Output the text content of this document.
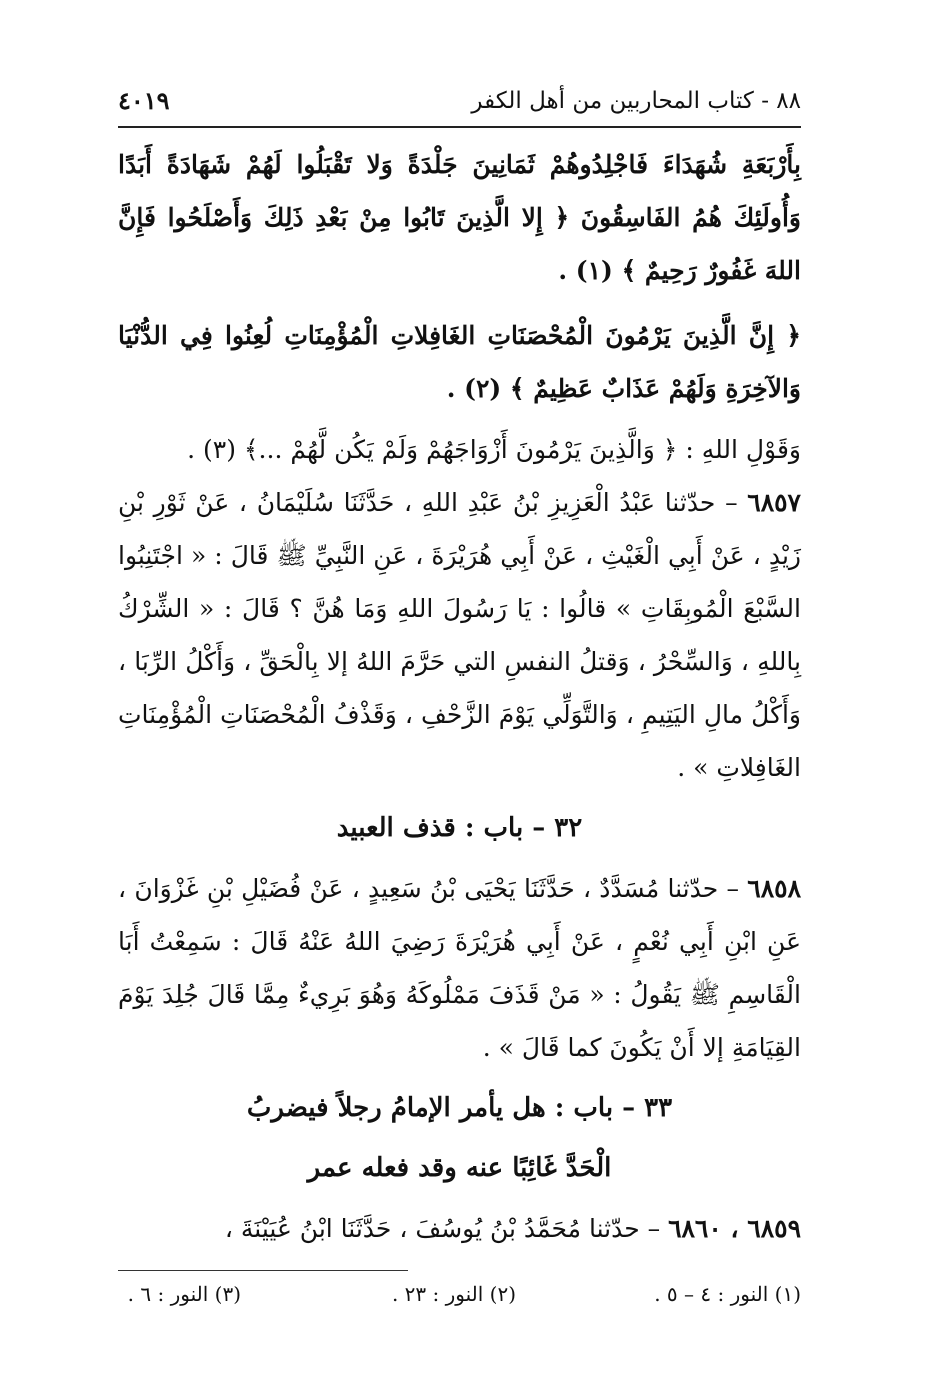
٨٨ - كتاب المحاربين من أهل الكفر
٤٠١٩

بِأَرْبَعَةِ شُهَدَاءَ فَاجْلِدُوهُمْ ثَمَانِينَ جَلْدَةً وَلا تَقْبَلُوا لَهُمْ شَهَادَةً أَبَدًا وَأُولَئِكَ هُمُ الفَاسِقُونَ ﴿ إِلا الَّذِينَ تَابُوا مِنْ بَعْدِ ذَلِكَ وَأَصْلَحُوا فَإِنَّ اللهَ غَفُورٌ رَحِيمٌ ﴾ (١) .

﴿ إِنَّ الَّذِينَ يَرْمُونَ الْمُحْصَنَاتِ الغَافِلاتِ الْمُؤْمِنَاتِ لُعِنُوا فِي الدُّنْيَا وَالآخِرَةِ وَلَهُمْ عَذَابٌ عَظِيمٌ ﴾ (٢) .

وَقَوْلِ اللهِ : ﴿ وَالَّذِينَ يَرْمُونَ أَزْوَاجَهُمْ وَلَمْ يَكُن لَّهُمْ ...﴾ (٣) .

٦٨٥٧ – حدّثنا عَبْدُ الْعَزِيزِ بْنُ عَبْدِ اللهِ ، حَدَّثَنَا سُلَيْمَانُ ، عَنْ ثَوْرِ بْنِ زَيْدٍ ، عَنْ أَبِي الْغَيْثِ ، عَنْ أَبِي هُرَيْرَةَ ، عَنِ النَّبِيِّ ﷺ قَالَ : « اجْتَنِبُوا السَّبْعَ الْمُوبِقَاتِ » قالُوا : يَا رَسُولَ اللهِ وَمَا هُنَّ ؟ قَالَ : « الشِّرْكُ بِاللهِ ، وَالسِّحْرُ ، وَقتلُ النفسِ التي حَرَّمَ اللهُ إلا بِالْحَقِّ ، وَأَكْلُ الرِّبَا ، وَأَكْلُ مالِ اليَتِيمِ ، وَالتَّوَلِّي يَوْمَ الزَّحْفِ ، وَقَذْفُ الْمُحْصَنَاتِ الْمُؤْمِنَاتِ الغَافِلاتِ » .

٣٢ – باب : قذف العبيد

٦٨٥٨ – حدّثنا مُسَدَّدٌ ، حَدَّثَنَا يَحْيَى بْنُ سَعِيدٍ ، عَنْ فُضَيْلِ بْنِ غَزْوَانَ ، عَنِ ابْنِ أَبِي نُعْمٍ ، عَنْ أَبِي هُرَيْرَةَ رَضِيَ اللهُ عَنْهُ قَالَ : سَمِعْتُ أَبَا الْقَاسِمِ ﷺ يَقُولُ : « مَنْ قَذَفَ مَمْلُوكَهُ وَهُوَ بَرِيءٌ مِمَّا قَالَ جُلِدَ يَوْمَ القِيَامَةِ إلا أَنْ يَكُونَ كما قَالَ » .

٣٣ – باب : هل يأمر الإمامُ رجلاً فيضربُ
الْحَدَّ غَائِبًا عنه وقد فعله عمر

٦٨٥٩ ، ٦٨٦٠ – حدّثنا مُحَمَّدُ بْنُ يُوسُفَ ، حَدَّثَنَا ابْنُ عُيَيْنَةَ ،

(١) النور : ٤ – ٥ .
(٢) النور : ٢٣ .
(٣) النور : ٦ .
